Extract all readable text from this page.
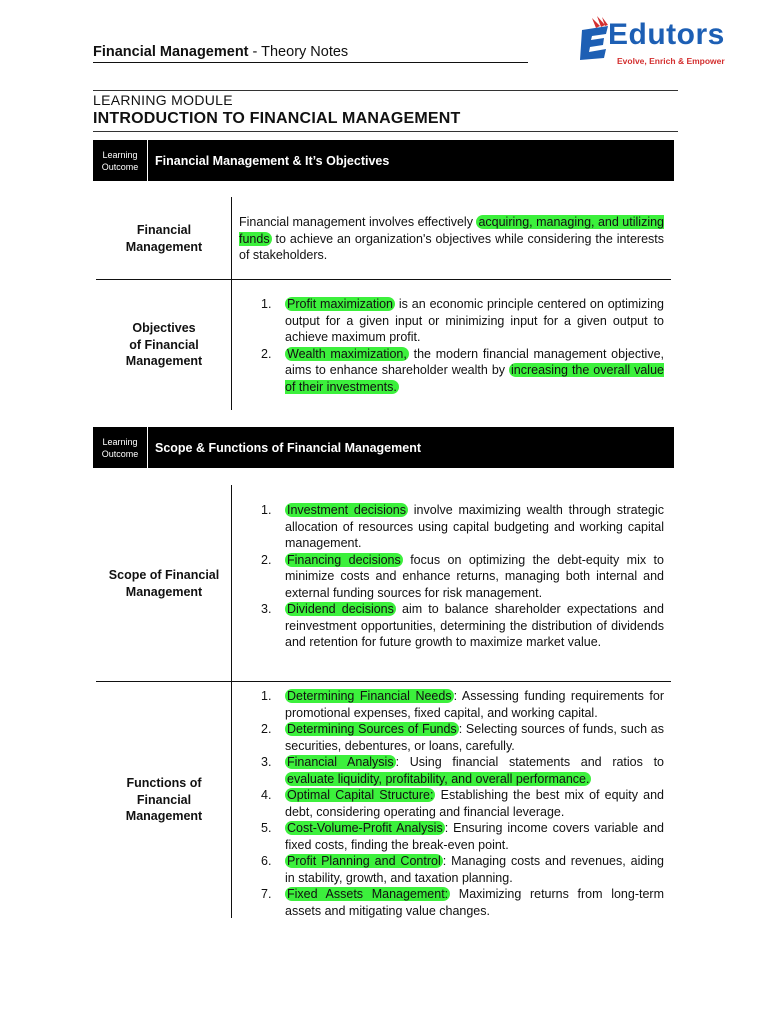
Financial Management - Theory Notes
Edutors
Evolve, Enrich & Empower
LEARNING MODULE
INTRODUCTION TO FINANCIAL MANAGEMENT
Learning
Outcome	Financial Management & It’s Objectives
Financial Management
Financial management involves effectively acquiring, managing, and utilizing funds to achieve an organization's objectives while considering the interests of stakeholders.
Objectives of Financial Management
1. Profit maximization is an economic principle centered on optimizing output for a given input or minimizing input for a given output to achieve maximum profit.
2. Wealth maximization, the modern financial management objective, aims to enhance shareholder wealth by increasing the overall value of their investments.
Learning
Outcome	Scope & Functions of Financial Management
Scope of Financial Management
1. Investment decisions involve maximizing wealth through strategic allocation of resources using capital budgeting and working capital management.
2. Financing decisions focus on optimizing the debt-equity mix to minimize costs and enhance returns, managing both internal and external funding sources for risk management.
3. Dividend decisions aim to balance shareholder expectations and reinvestment opportunities, determining the distribution of dividends and retention for future growth to maximize market value.
Functions of Financial Management
1. Determining Financial Needs : Assessing funding requirements for promotional expenses, fixed capital, and working capital.
2. Determining Sources of Funds : Selecting sources of funds, such as securities, debentures, or loans, carefully.
3. Financial Analysis : Using financial statements and ratios to evaluate liquidity, profitability, and overall performance.
4. Optimal Capital Structure: Establishing the best mix of equity and debt, considering operating and financial leverage.
5. Cost-Volume-Profit Analysis : Ensuring income covers variable and fixed costs, finding the break-even point.
6. Profit Planning and Control : Managing costs and revenues, aiding in stability, growth, and taxation planning.
7. Fixed Assets Management: Maximizing returns from long-term assets and mitigating value changes.
